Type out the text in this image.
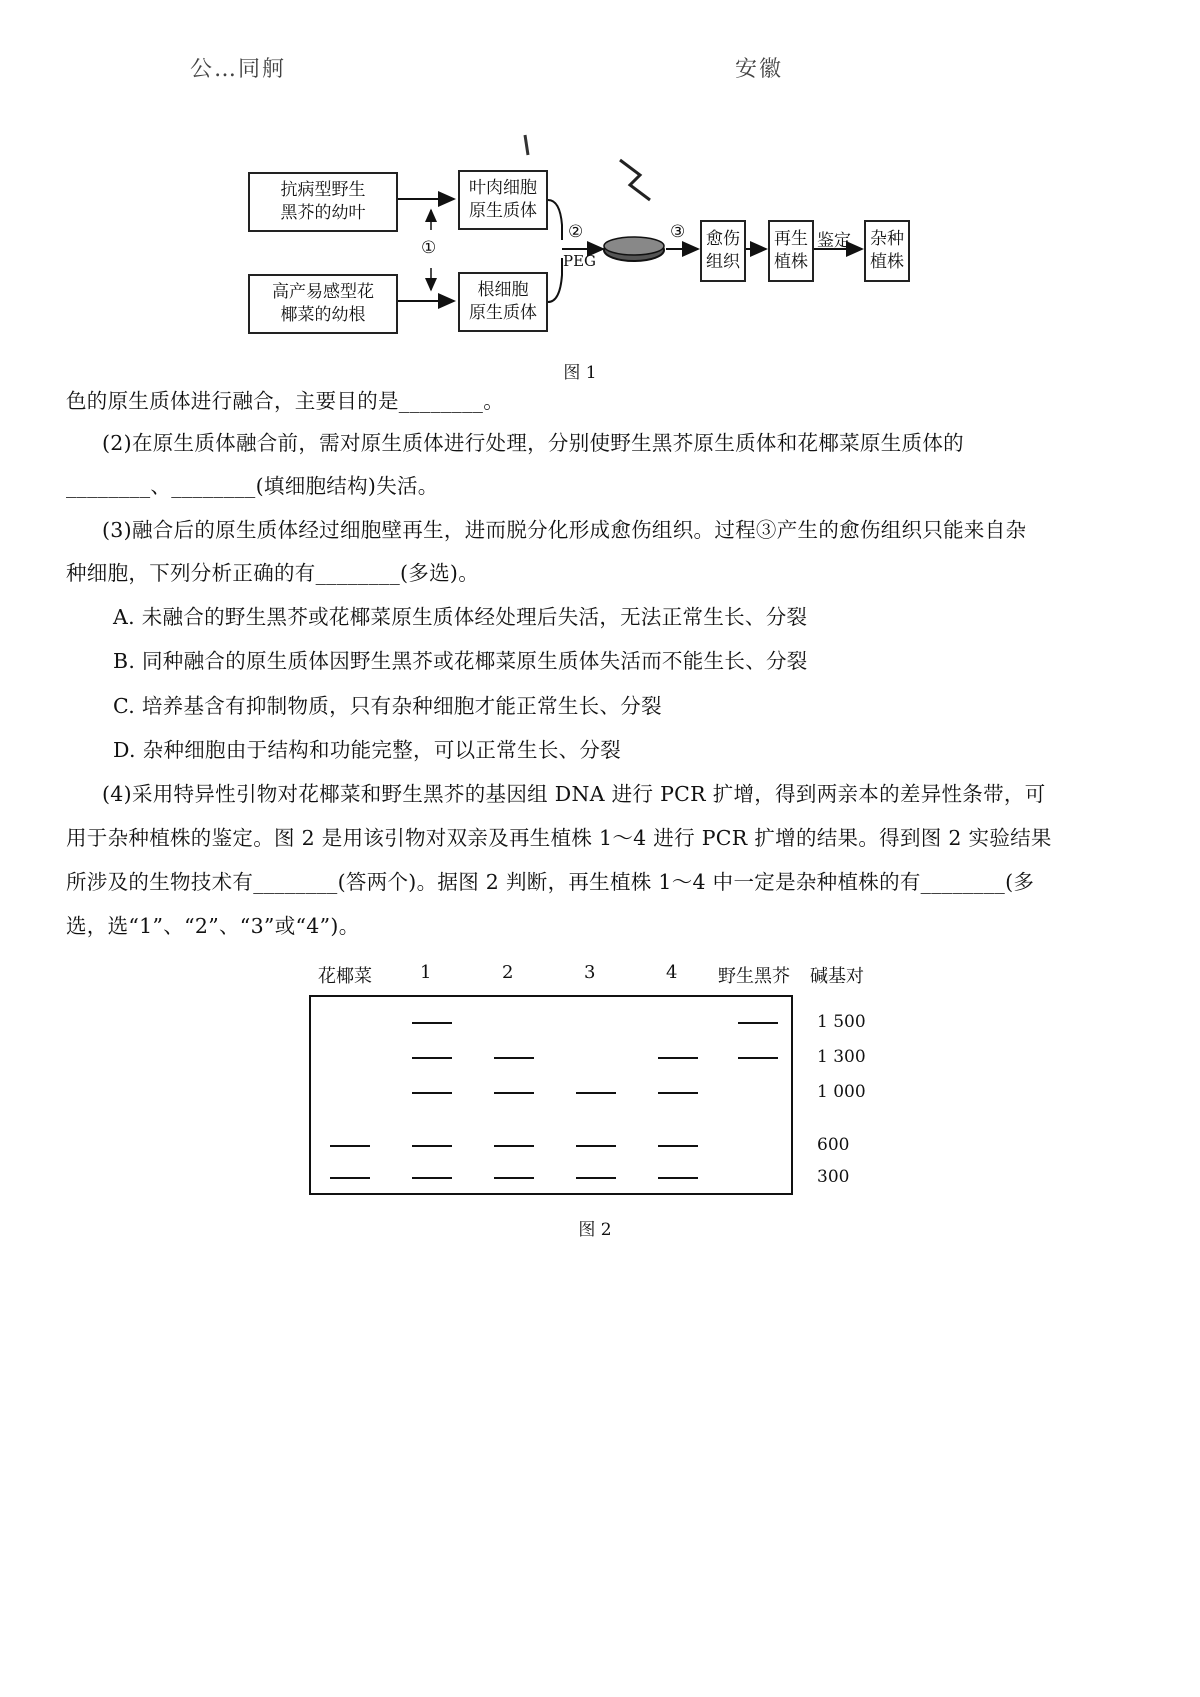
公…同舸	安徽
抗病型野生
黑芥的幼叶
高产易感型花
椰菜的幼根
叶肉细胞
原生质体
根细胞
原生质体
①
②
PEG
③	愈伤
组织
再生
植株
鉴定	杂种
植株
图 1
色的原生质体进行融合，主要目的是________。
(2)在原生质体融合前，需对原生质体进行处理，分别使野生黑芥原生质体和花椰菜原生质体的
________、________(填细胞结构)失活。
(3)融合后的原生质体经过细胞壁再生，进而脱分化形成愈伤组织。过程③产生的愈伤组织只能来自杂
种细胞，下列分析正确的有________(多选)。
A. 未融合的野生黑芥或花椰菜原生质体经处理后失活，无法正常生长、分裂
B. 同种融合的原生质体因野生黑芥或花椰菜原生质体失活而不能生长、分裂
C. 培养基含有抑制物质，只有杂种细胞才能正常生长、分裂
D. 杂种细胞由于结构和功能完整，可以正常生长、分裂
(4)采用特异性引物对花椰菜和野生黑芥的基因组 DNA 进行 PCR 扩增，得到两亲本的差异性条带，可
用于杂种植株的鉴定。图 2 是用该引物对双亲及再生植株 1～4 进行 PCR 扩增的结果。得到图 2 实验结果
所涉及的生物技术有________(答两个)。据图 2 判断，再生植株 1～4 中一定是杂种植株的有________(多
选，选“1”、“2”、“3”或“4”)。
花椰菜	1	2	3	4 野生黑芥 碱基对
1 500
1 300
1 000
600
300
图 2
